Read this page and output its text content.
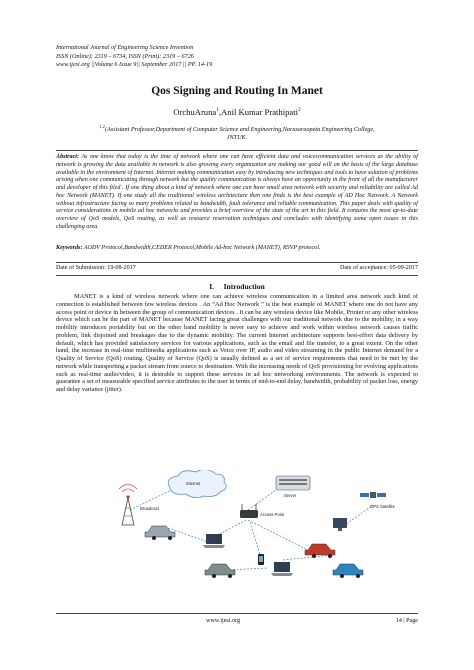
International Journal of Engineering Science Invention
ISSN (Online): 2319 – 6734, ISSN (Print): 2319 – 6726
www.ijesi.org ||Volume 6 Issue 9|| September 2017 || PP. 14-19
Qos Signing and Routing In Manet
OrchuAruna$^1$,Anil Kumar Prathipati$^2$
$^{1,2}$(Assistant Professor,Department of Computer Science and Engineering,Narasaraopeta Engineering College,
JNTUK.
Abstract: As one know that today is the time of network where one can have efficient data and voicecommunication services as the ability of network is growing the data available in network is also growing every organization are making our good will on the basis of the large database available in the environment of Internet. Internet making communication easy by introducing new techniques and tools to have solution of problems arising when one communicating through network but the quality communication is always have an opportunity in the front of all the manufacturer and developer of this filed . If one thing about a kind of network where one can have small area network with security and reliability are called Ad hoc Network (MANET). If one study all the traditional wireless architecture then one finds is the best example of AD Hoc Network. A Network without infrastructure facing so many problems related to bandwidth, fault tolerance and reliable communication. This paper deals with quality of service considerations in mobile ad hoc networks and provides a brief overview of the state of the art in this field. It contains the most up-to-date overview of QoS models, QoS routing, as well as resource reservation techniques and concludes with identifying some open issues in this challenging area.
Keywords: AODV Protocol,Bandwidth,CEDER Protocol,Mobile Ad-hoc Network (MANET), RSVP protocol.
Date of Submission: 19-08-2017	Date of acceptance: 05-09-2017
I. Introduction

MANET is a kind of wireless network where one can achieve wireless communication in a limited area network such kind of connection is established between few wireless devices . An “Ad Hoc Network ” is the best example of MANET where one do not have any access point or device in between the group of communication devices . It can be any wireless device like Mobile, Printer or any other wireless device which can be the part of MANET because MANET facing great challenges with our traditional network due to the mobility, in a way mobility introduces portability but on the other hand mobility is never easy to achieve and work within wireless network causes traffic problem, link disjoined and breakages due to the dynamic mobility. The current Internet architecture supports best-effort data delivery by default, which has provided satisfactory services for various applications, such as the email and file transfer, to a great extent. On the other hand, the increase in real-time multimedia applications such as Voice over IP, audio and video streaming in the public Internet demand for a Quality of Service (QoS) routing. Quality of Service (QoS) is usually defined as a set of service requirements that need to be met by the network while transporting a packet stream from source to destination. With the increasing needs of QoS provisioning for evolving applications such as real-time audio/video, it is desirable to support these services in ad hoc networking environments. The network is expected to guarantee a set of measurable specified service attributes to the user in terms of end-to-end delay, bandwidth, probability of packet loss, energy and delay variance (jitter).

Internet
Server
Broadcast
Access Point
GPS Satellite
www.ijesi.org	14 | Page
